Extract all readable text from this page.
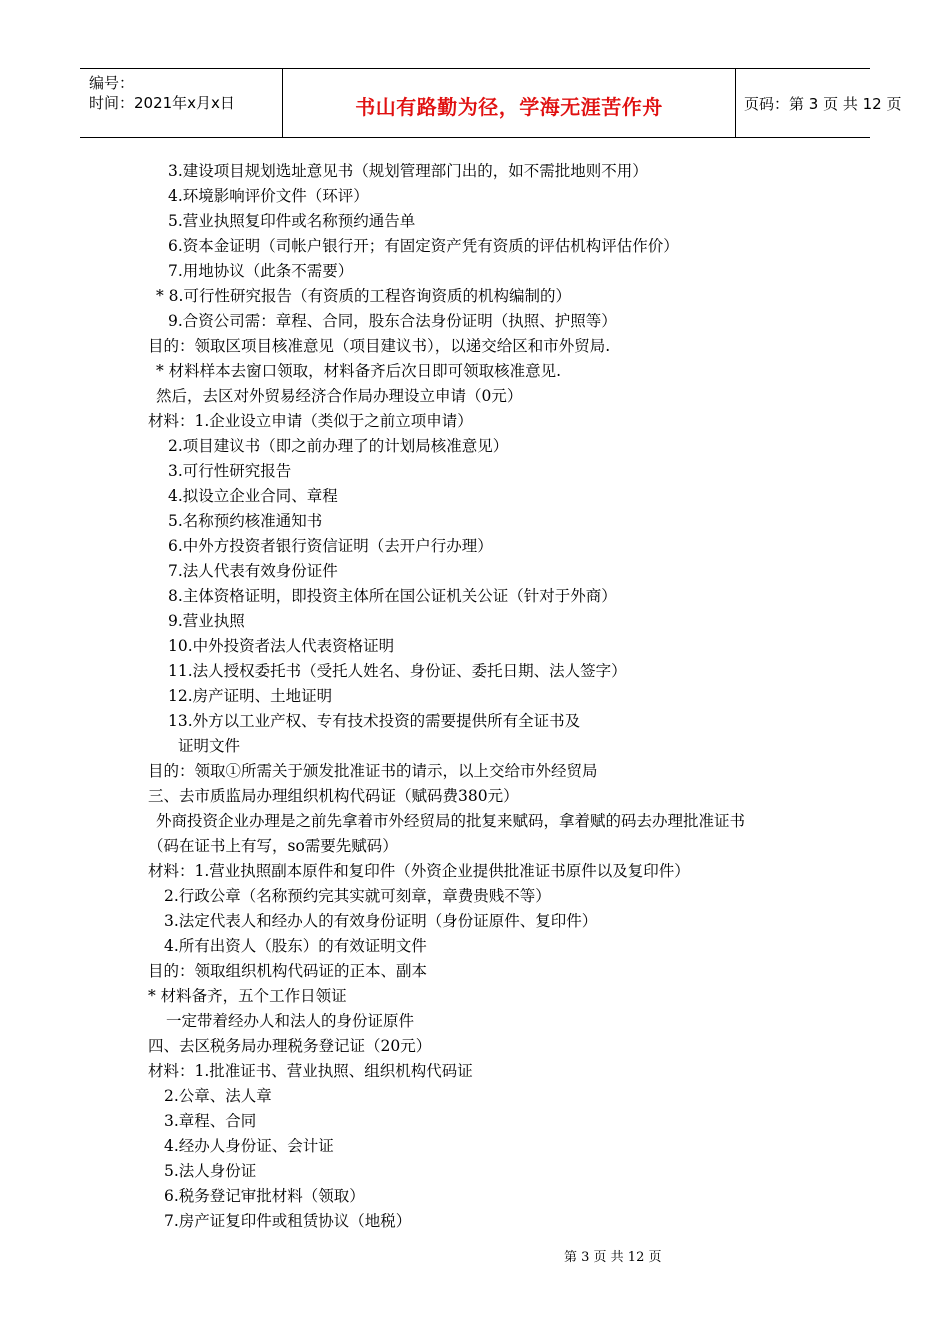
编号：
时间：2021年x月x日	书山有路勤为径，学海无涯苦作舟	页码：第 3 页 共 12 页
3.建设项目规划选址意见书（规划管理部门出的，如不需批地则不用）
4.环境影响评价文件（环评）
5.营业执照复印件或名称预约通告单
6.资本金证明（司帐户银行开；有固定资产凭有资质的评估机构评估作价）
7.用地协议（此条不需要）
* 8.可行性研究报告（有资质的工程咨询资质的机构编制的）
9.合资公司需：章程、合同，股东合法身份证明（执照、护照等）
目的：领取区项目核准意见（项目建议书），以递交给区和市外贸局.
* 材料样本去窗口领取，材料备齐后次日即可领取核准意见.
然后，去区对外贸易经济合作局办理设立申请（0元）
材料：1.企业设立申请（类似于之前立项申请）
2.项目建议书（即之前办理了的计划局核准意见）
3.可行性研究报告
4.拟设立企业合同、章程
5.名称预约核准通知书
6.中外方投资者银行资信证明（去开户行办理）
7.法人代表有效身份证件
8.主体资格证明，即投资主体所在国公证机关公证（针对于外商）
9.营业执照
10.中外投资者法人代表资格证明
11.法人授权委托书（受托人姓名、身份证、委托日期、法人签字）
12.房产证明、土地证明
13.外方以工业产权、专有技术投资的需要提供所有全证书及
证明文件
目的：领取①所需关于颁发批准证书的请示，以上交给市外经贸局
三、去市质监局办理组织机构代码证（赋码费380元）
外商投资企业办理是之前先拿着市外经贸局的批复来赋码，拿着赋的码去办理批准证书
（码在证书上有写，so需要先赋码）
材料：1.营业执照副本原件和复印件（外资企业提供批准证书原件以及复印件）
2.行政公章（名称预约完其实就可刻章，章费贵贱不等）
3.法定代表人和经办人的有效身份证明（身份证原件、复印件）
4.所有出资人（股东）的有效证明文件
目的：领取组织机构代码证的正本、副本
* 材料备齐，五个工作日领证
一定带着经办人和法人的身份证原件
四、去区税务局办理税务登记证（20元）
材料：1.批准证书、营业执照、组织机构代码证
2.公章、法人章
3.章程、合同
4.经办人身份证、会计证
5.法人身份证
6.税务登记审批材料（领取）
7.房产证复印件或租赁协议（地税）
第 3 页 共 12 页
